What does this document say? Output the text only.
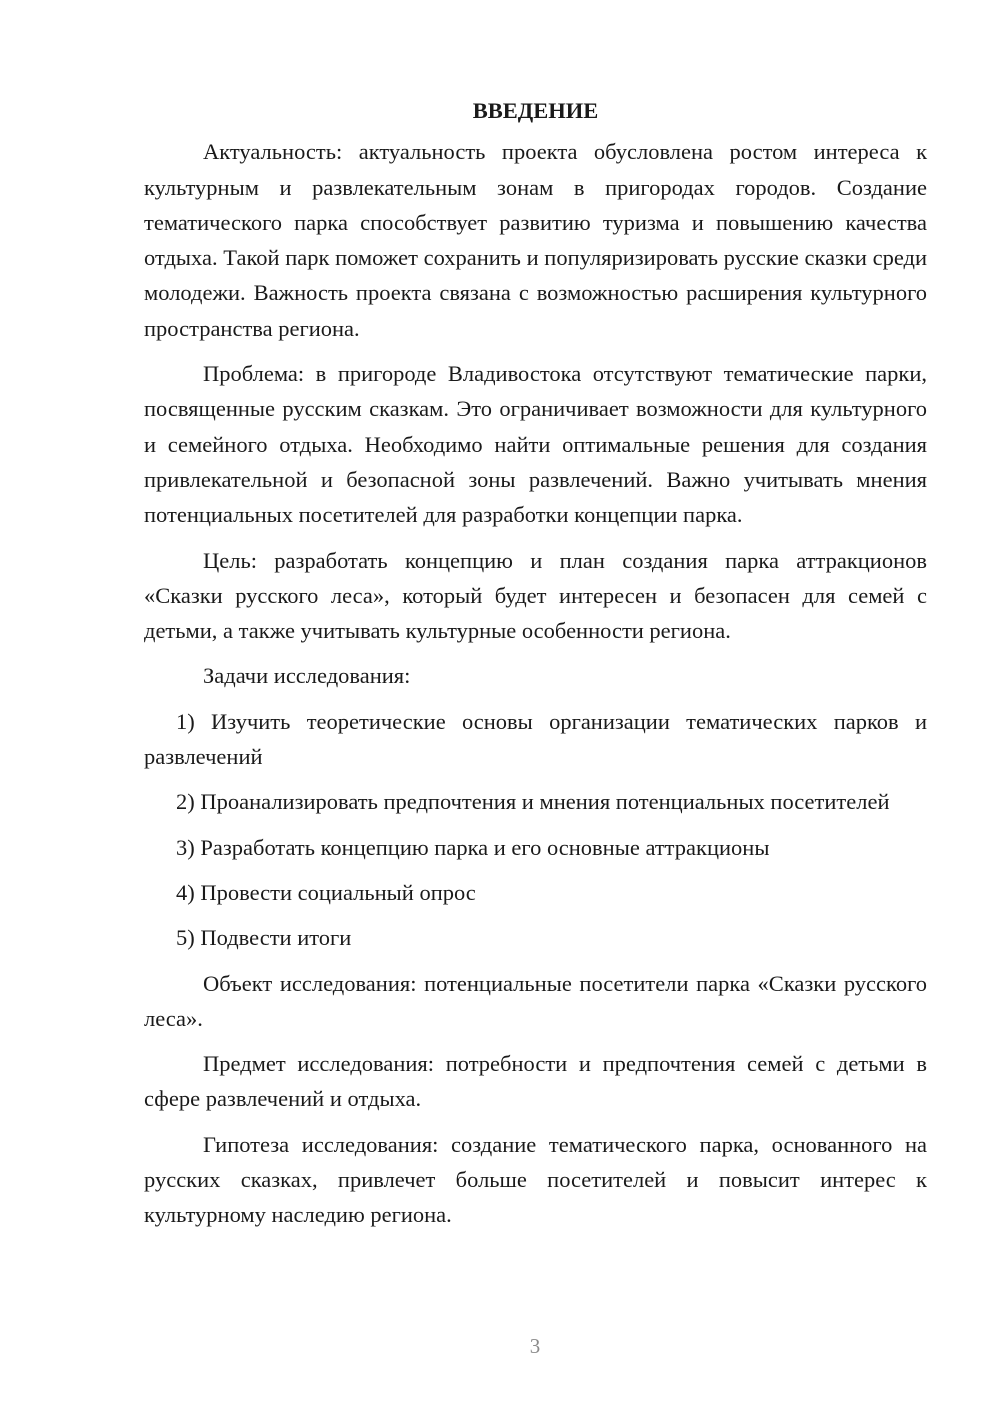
ВВЕДЕНИЕ

Актуальность: актуальность проекта обусловлена ростом интереса к культурным и развлекательным зонам в пригородах городов. Создание тематического парка способствует развитию туризма и повышению качества отдыха. Такой парк поможет сохранить и популяризировать русские сказки среди молодежи. Важность проекта связана с возможностью расширения культурного пространства региона.

Проблема: в пригороде Владивостока отсутствуют тематические парки, посвященные русским сказкам. Это ограничивает возможности для культурного и семейного отдыха. Необходимо найти оптимальные решения для создания привлекательной и безопасной зоны развлечений. Важно учитывать мнения потенциальных посетителей для разработки концепции парка.

Цель: разработать концепцию и план создания парка аттракционов «Сказки русского леса», который будет интересен и безопасен для семей с детьми, а также учитывать культурные особенности региона.

Задачи исследования:

1) Изучить теоретические основы организации тематических парков и развлечений

2) Проанализировать предпочтения и мнения потенциальных посетителей

3) Разработать концепцию парка и его основные аттракционы

4) Провести социальный опрос

5) Подвести итоги

Объект исследования: потенциальные посетители парка «Сказки русского леса».

Предмет исследования: потребности и предпочтения семей с детьми в сфере развлечений и отдыха.

Гипотеза исследования: создание тематического парка, основанного на русских сказках, привлечет больше посетителей и повысит интерес к культурному наследию региона.

3
